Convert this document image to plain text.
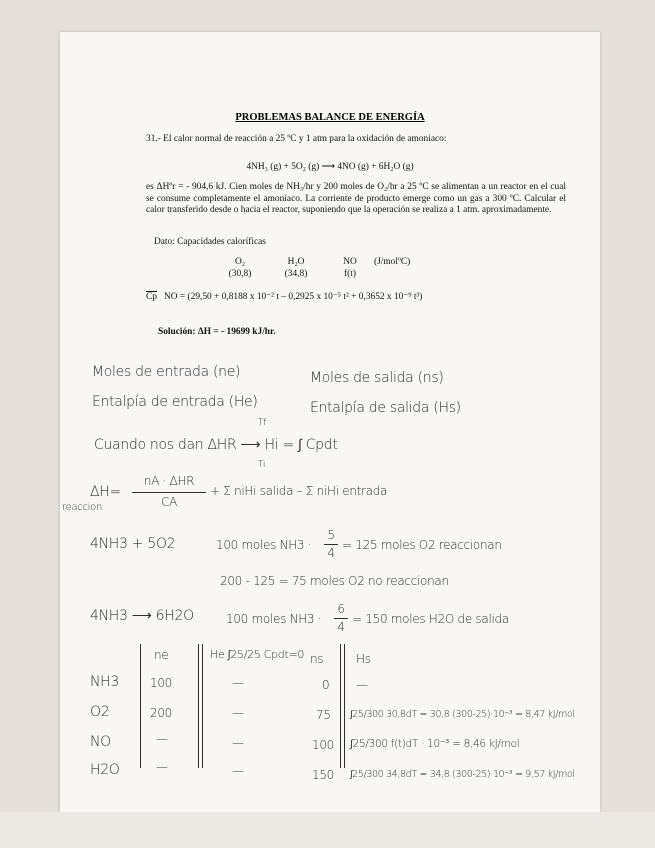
PROBLEMAS BALANCE DE ENERGÍA
31.- El calor normal de reacción a 25 ºC y 1 atm para la oxidación de amoniaco:
4NH₃ (g) + 5O₂ (g) ⟶ 4NO (g) + 6H₂O (g)
es ΔHºr = - 904,6 kJ. Cien moles de NH₃/hr y 200 moles de O₂/hr a 25 ºC se alimentan a un reactor en el cual se consume completamente el amoníaco. La corriente de producto emerge como un gas a 300 ºC. Calcular el calor transferido desde o hacia el reactor, suponiendo que la operación se realiza a 1 atm. aproximadamente.
Dato: Capacidades caloríficas
O₂	H₂O	NO	(J/molºC)
(30,8)	(34,8)	f(t)
Cp NO = (29,50 + 0,8188 x 10⁻² t – 0,2925 x 10⁻⁵ t² + 0,3652 x 10⁻⁹ t³)
Solución: ΔH = - 19699 kJ/hr.
Moles de entrada (ne)	Moles de salida (ns)
Entalpía de entrada (He)	Entalpía de salida (Hs)
Cuando nos dan ΔHR ⟶ Hi = ∫ Cpdt
Tf
Ti
ΔH=
nA · ΔHR
CA
+ Σ niHi salida – Σ niHi entrada
reaccion
4NH3 + 5O2	100 moles NH3 ·
5
4
= 125 moles O2 reaccionan
200 - 125 = 75 moles O2 no reaccionan
4NH3 ⟶ 6H2O	100 moles NH3 ·
6
4
= 150 moles H2O de salida
ne	He ∫25/25 Cpdt=0 ns	Hs
NH3	100	—	0 —
O2	200	—	75 ∫25/300 30,8dT = 30,8 (300-25)·10⁻³ = 8,47 kJ/mol
NO	—	—	100 ∫25/300 f(t)dT · 10⁻³ = 8,46 kJ/mol
H2O	—	—	150 ∫25/300 34,8dT = 34,8 (300-25)·10⁻³ = 9,57 kJ/mol
